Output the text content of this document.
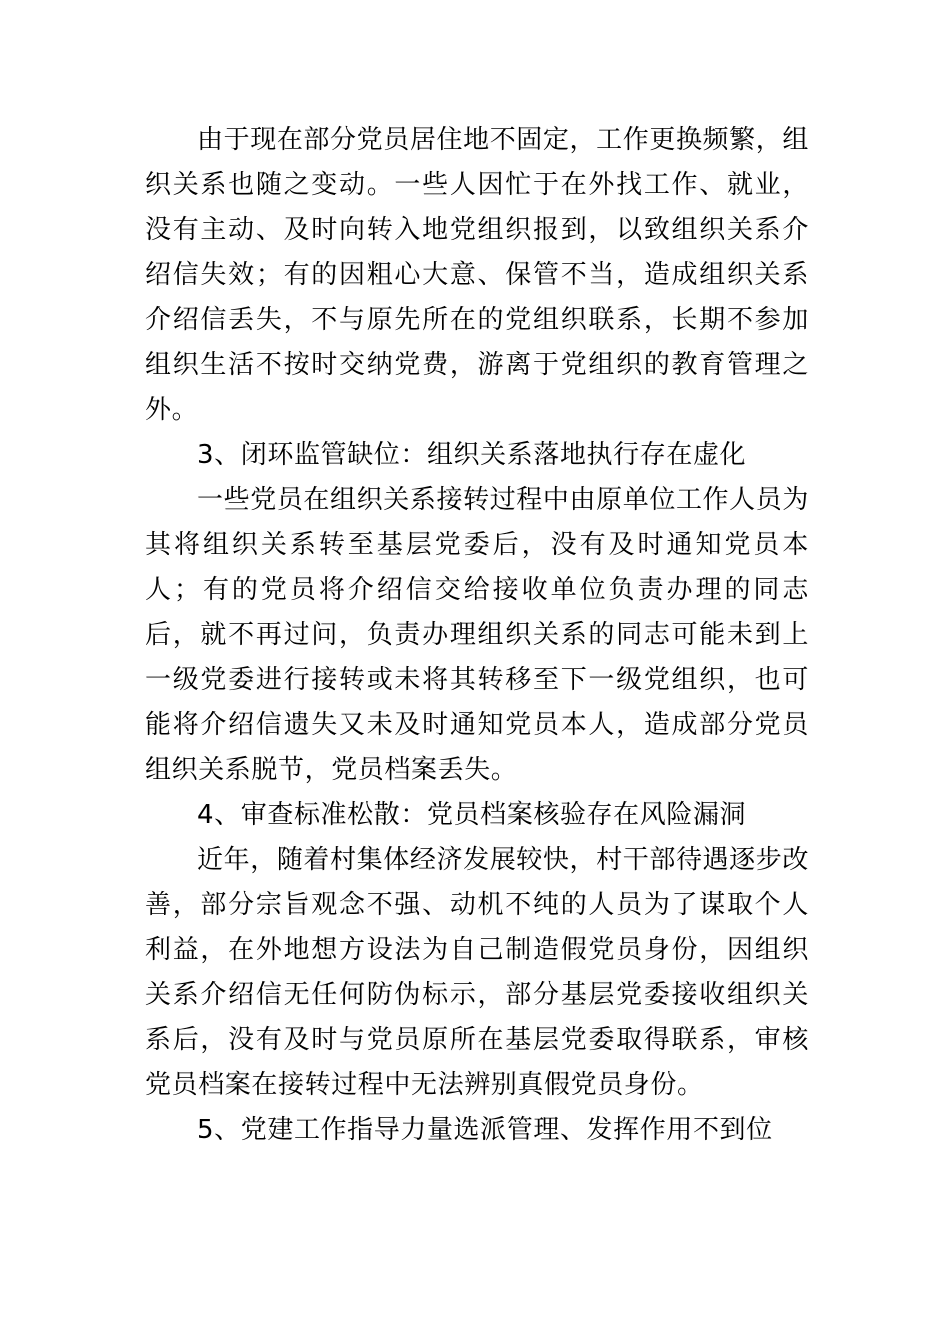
由于现在部分党员居住地不固定，工作更换频繁，组织关系也随之变动。一些人因忙于在外找工作、就业，没有主动、及时向转入地党组织报到，以致组织关系介绍信失效；有的因粗心大意、保管不当，造成组织关系介绍信丢失，不与原先所在的党组织联系，长期不参加组织生活不按时交纳党费，游离于党组织的教育管理之外。

3、闭环监管缺位：组织关系落地执行存在虚化

一些党员在组织关系接转过程中由原单位工作人员为其将组织关系转至基层党委后，没有及时通知党员本人；有的党员将介绍信交给接收单位负责办理的同志后，就不再过问，负责办理组织关系的同志可能未到上一级党委进行接转或未将其转移至下一级党组织，也可能将介绍信遗失又未及时通知党员本人，造成部分党员组织关系脱节，党员档案丢失。

4、审查标准松散：党员档案核验存在风险漏洞

近年，随着村集体经济发展较快，村干部待遇逐步改善，部分宗旨观念不强、动机不纯的人员为了谋取个人利益，在外地想方设法为自己制造假党员身份，因组织关系介绍信无任何防伪标示，部分基层党委接收组织关系后，没有及时与党员原所在基层党委取得联系，审核党员档案在接转过程中无法辨别真假党员身份。

5、党建工作指导力量选派管理、发挥作用不到位
